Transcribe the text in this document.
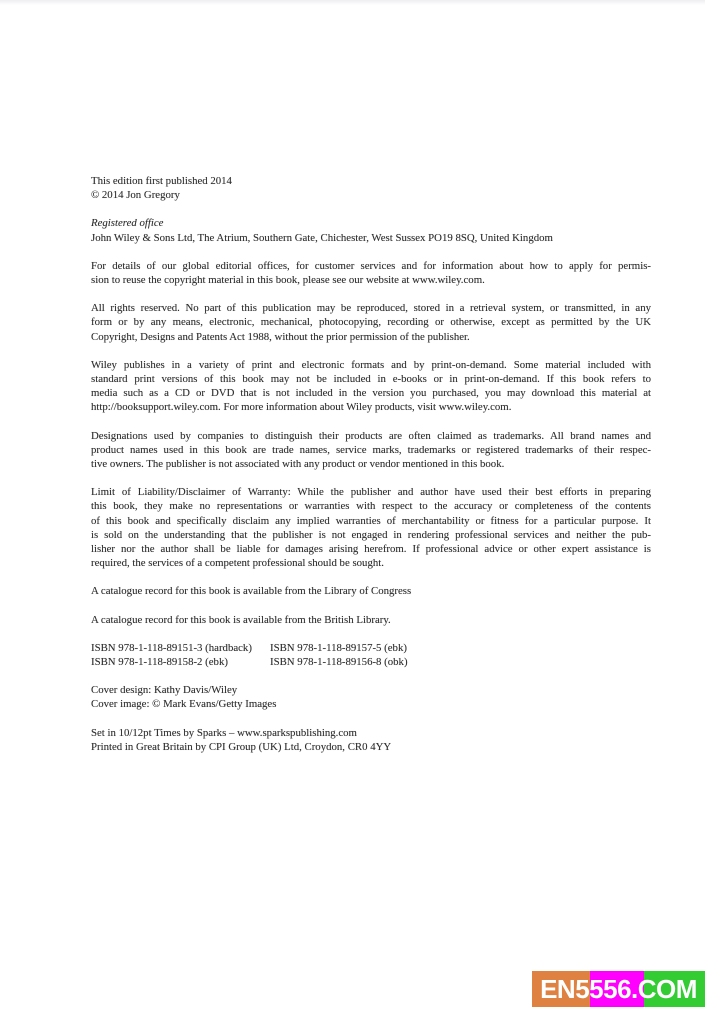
This edition first published 2014
© 2014 Jon Gregory
Registered office
John Wiley & Sons Ltd, The Atrium, Southern Gate, Chichester, West Sussex PO19 8SQ, United Kingdom
For details of our global editorial offices, for customer services and for information about how to apply for permis-
sion to reuse the copyright material in this book, please see our website at www.wiley.com.
All rights reserved. No part of this publication may be reproduced, stored in a retrieval system, or transmitted, in any
form or by any means, electronic, mechanical, photocopying, recording or otherwise, except as permitted by the UK
Copyright, Designs and Patents Act 1988, without the prior permission of the publisher.
Wiley publishes in a variety of print and electronic formats and by print-on-demand. Some material included with
standard print versions of this book may not be included in e-books or in print-on-demand. If this book refers to
media such as a CD or DVD that is not included in the version you purchased, you may download this material at
http://booksupport.wiley.com. For more information about Wiley products, visit www.wiley.com.
Designations used by companies to distinguish their products are often claimed as trademarks. All brand names and
product names used in this book are trade names, service marks, trademarks or registered trademarks of their respec-
tive owners. The publisher is not associated with any product or vendor mentioned in this book.
Limit of Liability/Disclaimer of Warranty: While the publisher and author have used their best efforts in preparing
this book, they make no representations or warranties with respect to the accuracy or completeness of the contents
of this book and specifically disclaim any implied warranties of merchantability or fitness for a particular purpose. It
is sold on the understanding that the publisher is not engaged in rendering professional services and neither the pub-
lisher nor the author shall be liable for damages arising herefrom. If professional advice or other expert assistance is
required, the services of a competent professional should be sought.
A catalogue record for this book is available from the Library of Congress
A catalogue record for this book is available from the British Library.
ISBN 978-1-118-89151-3 (hardback) ISBN 978-1-118-89157-5 (ebk)
ISBN 978-1-118-89158-2 (ebk)	ISBN 978-1-118-89156-8 (obk)
Cover design: Kathy Davis/Wiley
Cover image: © Mark Evans/Getty Images
Set in 10/12pt Times by Sparks – www.sparkspublishing.com
Printed in Great Britain by CPI Group (UK) Ltd, Croydon, CR0 4YY
EN5556.COM
